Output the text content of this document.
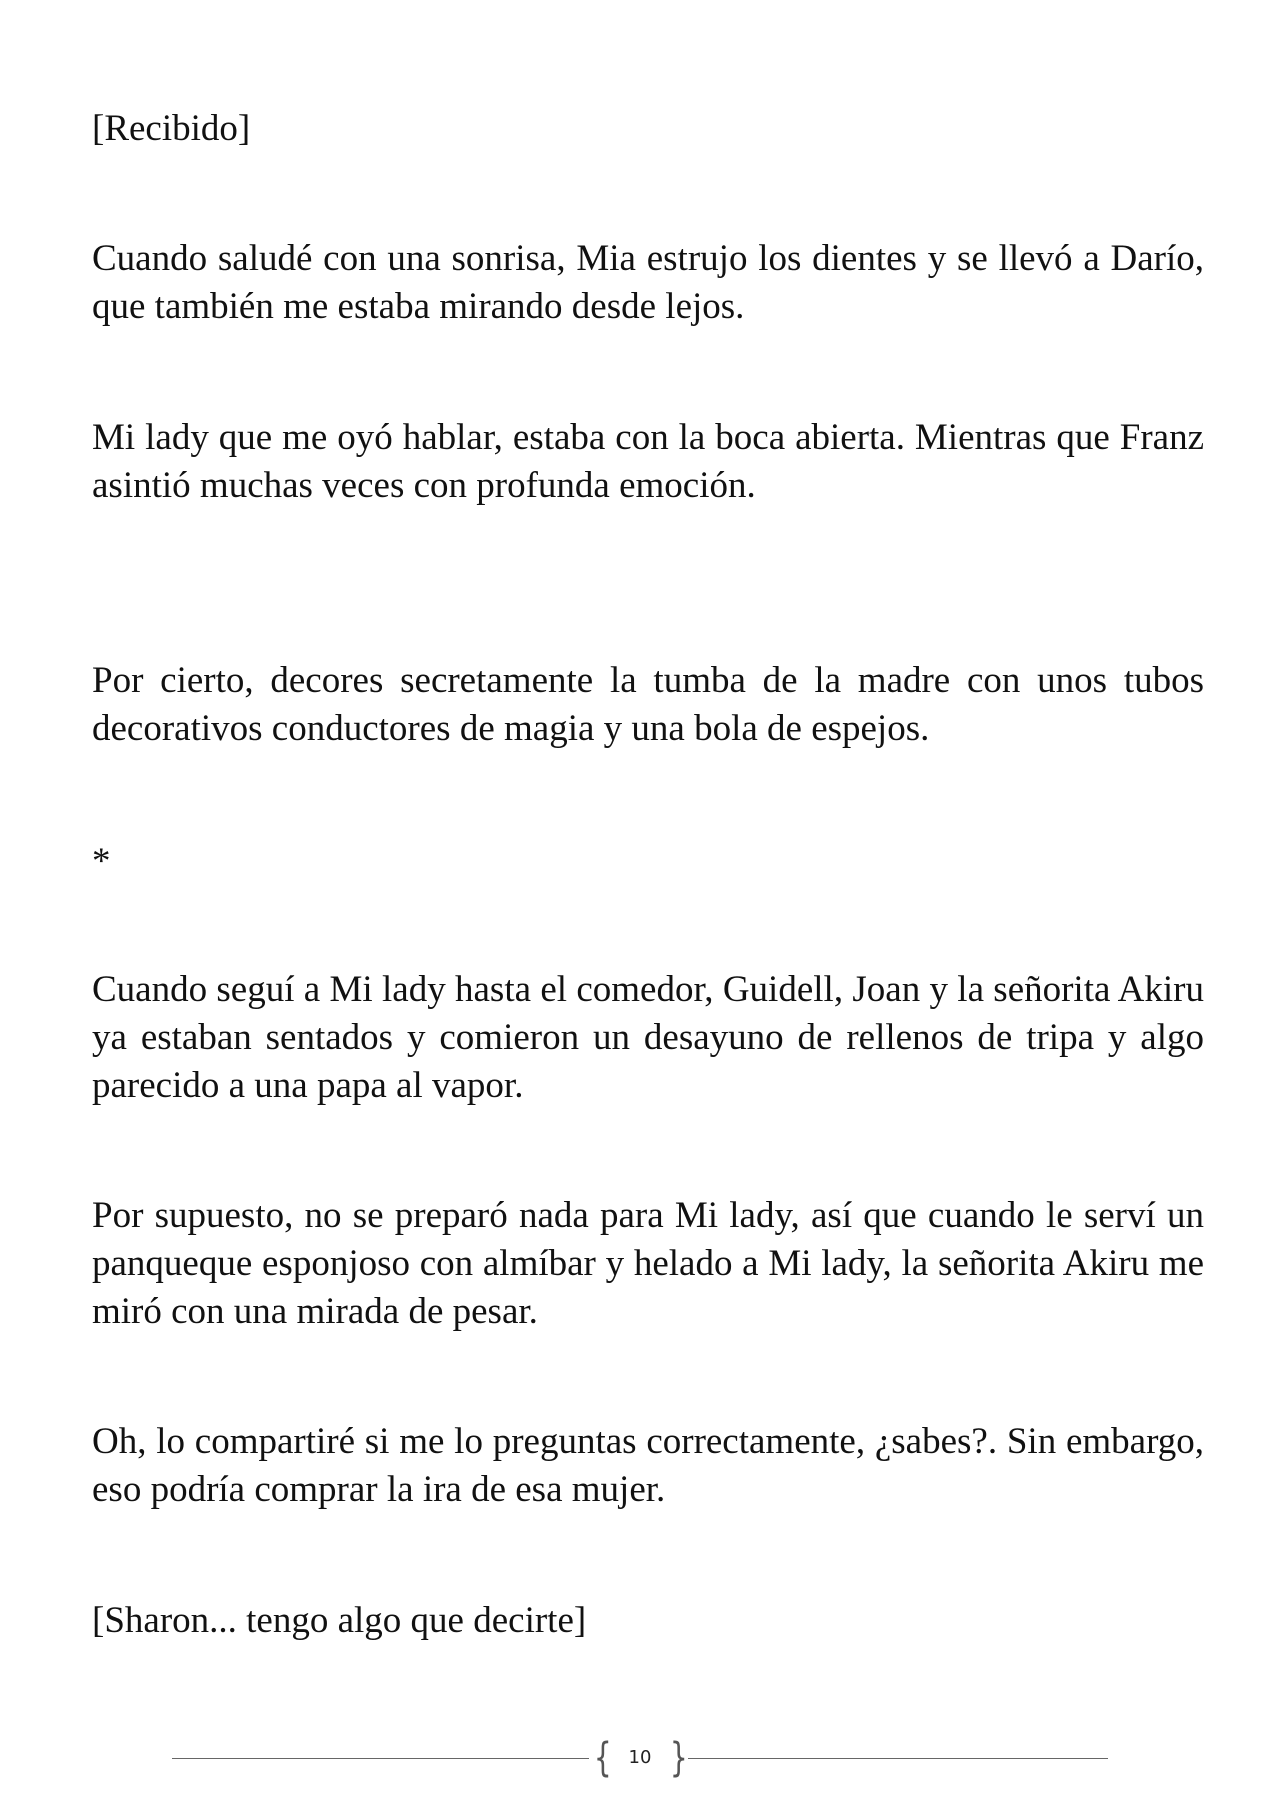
[Recibido]

Cuando saludé con una sonrisa, Mia estrujo los dientes y se llevó a Darío, que también me estaba mirando desde lejos.

Mi lady que me oyó hablar, estaba con la boca abierta. Mientras que Franz asintió muchas veces con profunda emoción.

Por cierto, decores secretamente la tumba de la madre con unos tubos decorativos conductores de magia y una bola de espejos.

*

Cuando seguí a Mi lady hasta el comedor, Guidell, Joan y la señorita Akiru ya estaban sentados y comieron un desayuno de rellenos de tripa y algo parecido a una papa al vapor.

Por supuesto, no se preparó nada para Mi lady, así que cuando le serví un panqueque esponjoso con almíbar y helado a Mi lady, la señorita Akiru me miró con una mirada de pesar.

Oh, lo compartiré si me lo preguntas correctamente, ¿sabes?. Sin embargo, eso podría comprar la ira de esa mujer.

[Sharon... tengo algo que decirte]

{ 10 }
